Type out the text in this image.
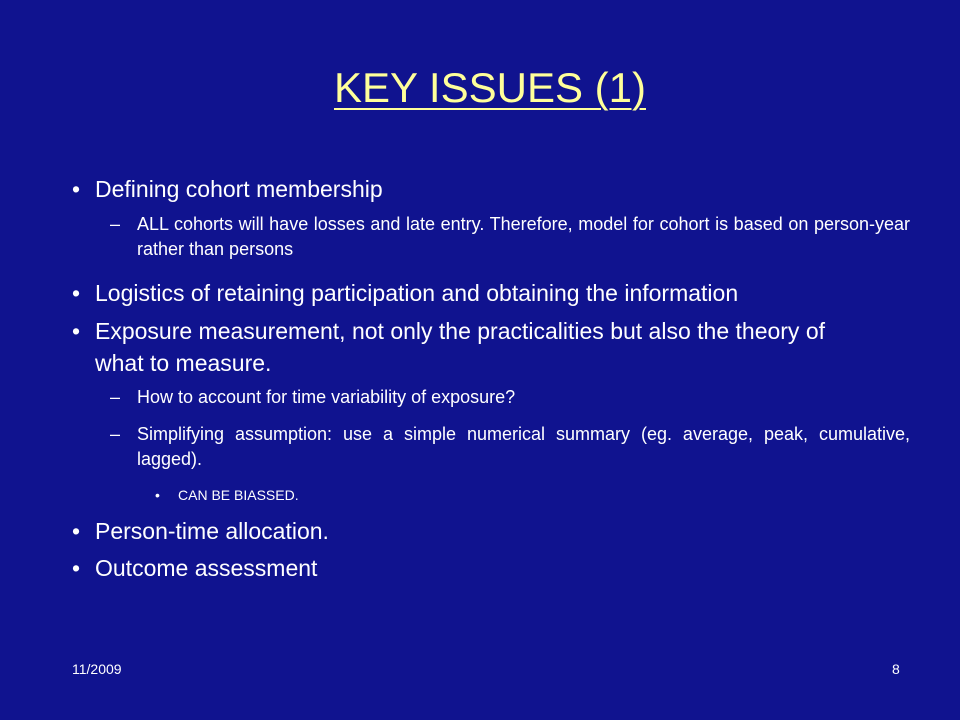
KEY ISSUES (1)
• Defining cohort membership
– ALL cohorts will have losses and late entry. Therefore, model for cohort is based on person-year rather than persons
• Logistics of retaining participation and obtaining the information
• Exposure measurement, not only the practicalities but also the theory of what to measure.
– How to account for time variability of exposure?
– Simplifying assumption: use a simple numerical summary (eg. average, peak, cumulative, lagged).
• CAN BE BIASSED.
• Person-time allocation.
• Outcome assessment
11/2009	8
